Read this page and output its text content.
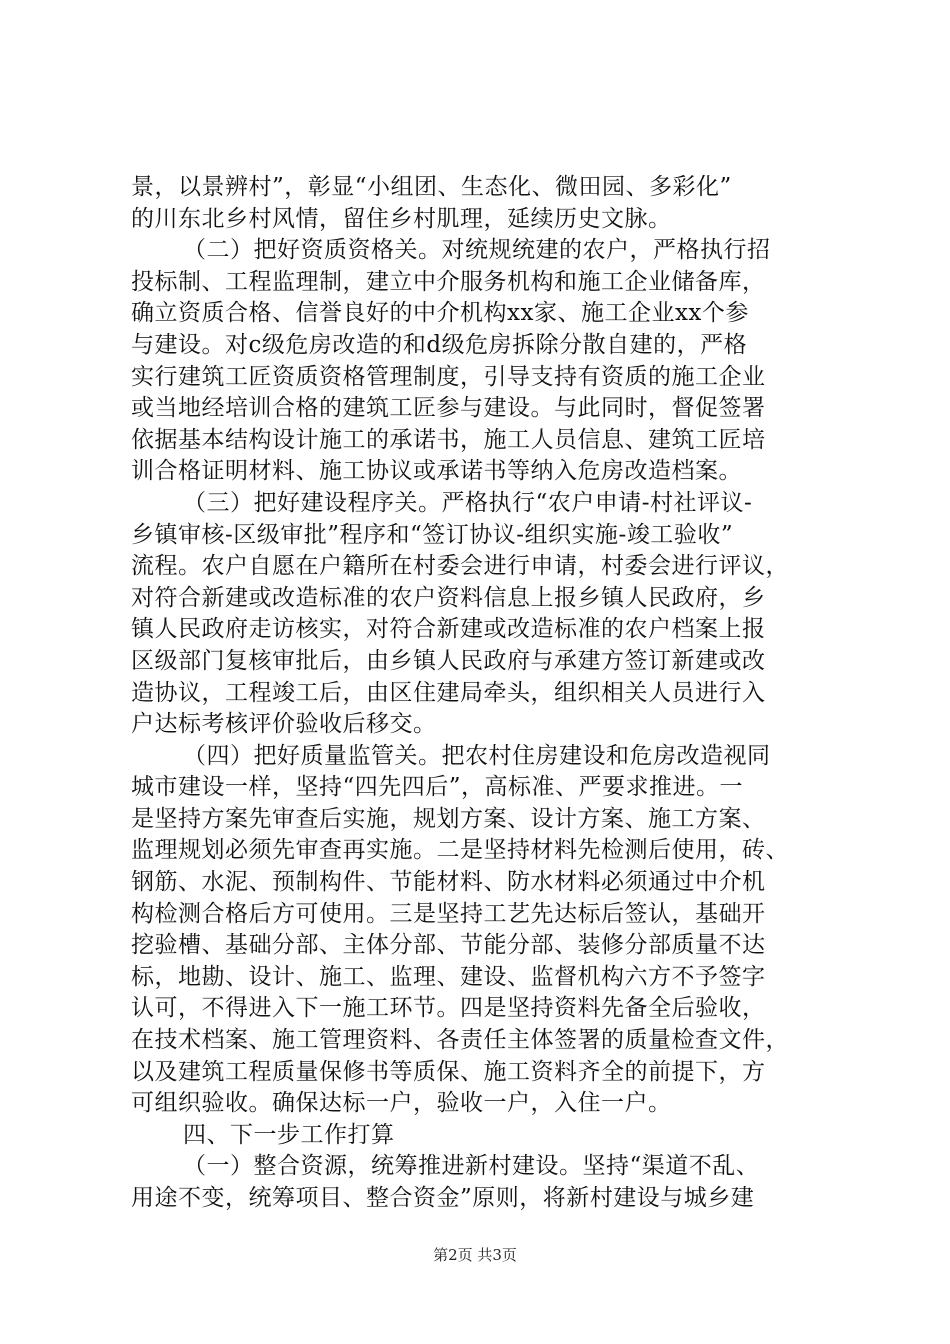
景，以景辨村”，彰显“小组团、生态化、微田园、多彩化”
的川东北乡村风情，留住乡村肌理，延续历史文脉。
（二）把好资质资格关。对统规统建的农户，严格执行招
投标制、工程监理制，建立中介服务机构和施工企业储备库，
确立资质合格、信誉良好的中介机构xx家、施工企业xx个参
与建设。对c级危房改造的和d级危房拆除分散自建的，严格
实行建筑工匠资质资格管理制度，引导支持有资质的施工企业
或当地经培训合格的建筑工匠参与建设。与此同时，督促签署
依据基本结构设计施工的承诺书，施工人员信息、建筑工匠培
训合格证明材料、施工协议或承诺书等纳入危房改造档案。
（三）把好建设程序关。严格执行“农户申请-村社评议-
乡镇审核-区级审批”程序和“签订协议-组织实施-竣工验收”
流程。农户自愿在户籍所在村委会进行申请，村委会进行评议，
对符合新建或改造标准的农户资料信息上报乡镇人民政府，乡
镇人民政府走访核实，对符合新建或改造标准的农户档案上报
区级部门复核审批后，由乡镇人民政府与承建方签订新建或改
造协议，工程竣工后，由区住建局牵头，组织相关人员进行入
户达标考核评价验收后移交。
（四）把好质量监管关。把农村住房建设和危房改造视同
城市建设一样，坚持“四先四后”，高标准、严要求推进。一
是坚持方案先审查后实施，规划方案、设计方案、施工方案、
监理规划必须先审查再实施。二是坚持材料先检测后使用，砖、
钢筋、水泥、预制构件、节能材料、防水材料必须通过中介机
构检测合格后方可使用。三是坚持工艺先达标后签认，基础开
挖验槽、基础分部、主体分部、节能分部、装修分部质量不达
标，地勘、设计、施工、监理、建设、监督机构六方不予签字
认可，不得进入下一施工环节。四是坚持资料先备全后验收，
在技术档案、施工管理资料、各责任主体签署的质量检查文件，
以及建筑工程质量保修书等质保、施工资料齐全的前提下，方
可组织验收。确保达标一户，验收一户，入住一户。
四、下一步工作打算
（一）整合资源，统筹推进新村建设。坚持“渠道不乱、
用途不变，统筹项目、整合资金”原则，将新村建设与城乡建
第2页 共3页
